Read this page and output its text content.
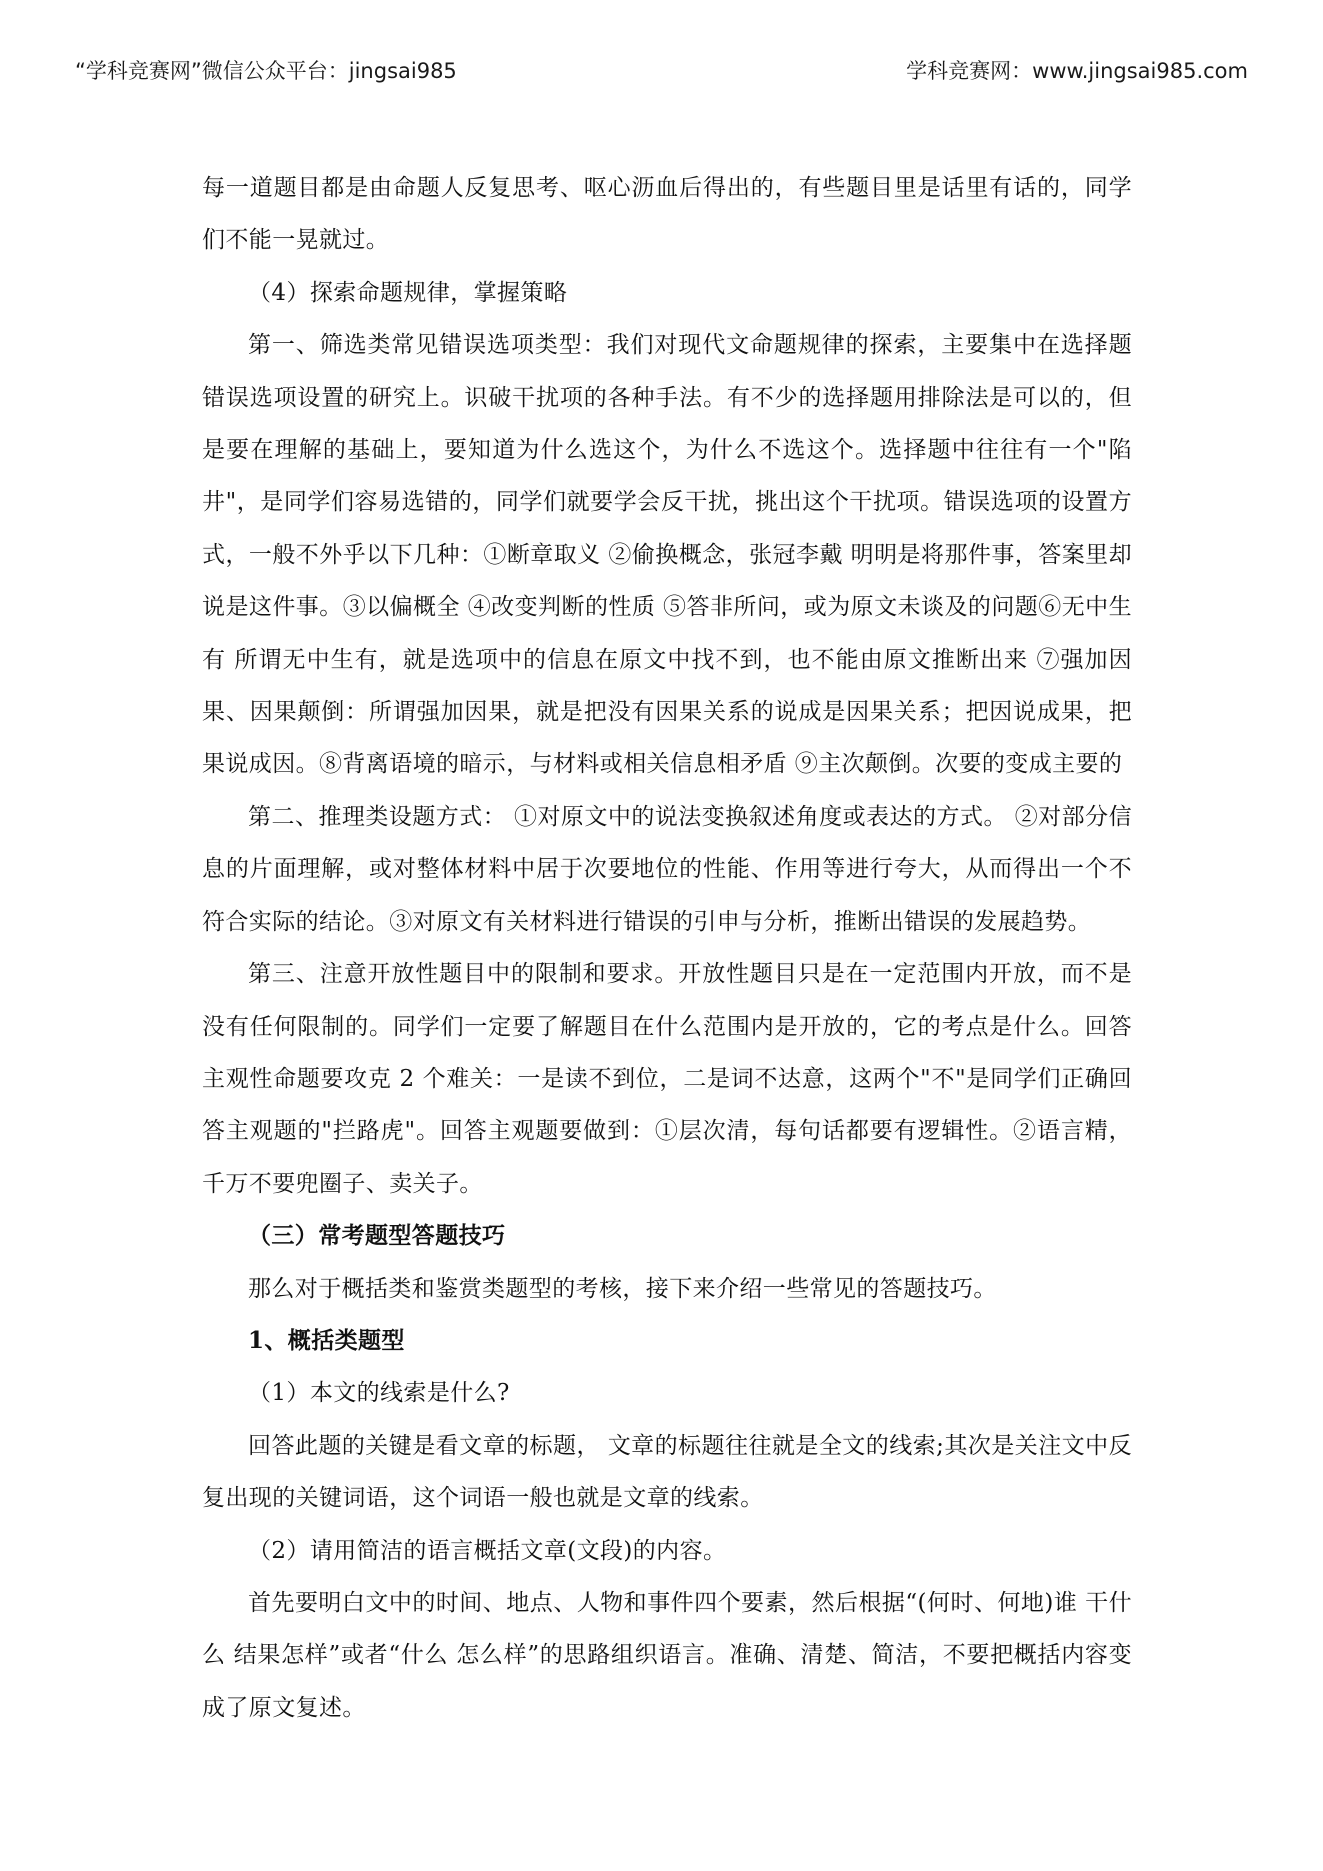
“学科竞赛网”微信公众平台：jingsai985	学科竞赛网：www.jingsai985.com

每一道题目都是由命题人反复思考、呕心沥血后得出的，有些题目里是话里有话的，同学们不能一晃就过。

（4）探索命题规律，掌握策略

第一、筛选类常见错误选项类型：我们对现代文命题规律的探索，主要集中在选择题错误选项设置的研究上。识破干扰项的各种手法。有不少的选择题用排除法是可以的，但是要在理解的基础上，要知道为什么选这个，为什么不选这个。选择题中往往有一个"陷井"，是同学们容易选错的，同学们就要学会反干扰，挑出这个干扰项。错误选项的设置方式，一般不外乎以下几种：①断章取义 ②偷换概念，张冠李戴 明明是将那件事，答案里却说是这件事。③以偏概全 ④改变判断的性质 ⑤答非所问，或为原文未谈及的问题⑥无中生有 所谓无中生有，就是选项中的信息在原文中找不到，也不能由原文推断出来 ⑦强加因果、因果颠倒：所谓强加因果，就是把没有因果关系的说成是因果关系；把因说成果，把果说成因。⑧背离语境的暗示，与材料或相关信息相矛盾 ⑨主次颠倒。次要的变成主要的

第二、推理类设题方式： ①对原文中的说法变换叙述角度或表达的方式。 ②对部分信息的片面理解，或对整体材料中居于次要地位的性能、作用等进行夸大，从而得出一个不符合实际的结论。③对原文有关材料进行错误的引申与分析，推断出错误的发展趋势。

第三、注意开放性题目中的限制和要求。开放性题目只是在一定范围内开放，而不是没有任何限制的。同学们一定要了解题目在什么范围内是开放的，它的考点是什么。回答主观性命题要攻克 2 个难关：一是读不到位，二是词不达意，这两个"不"是同学们正确回答主观题的"拦路虎"。回答主观题要做到：①层次清，每句话都要有逻辑性。②语言精，千万不要兜圈子、卖关子。

（三）常考题型答题技巧

那么对于概括类和鉴赏类题型的考核，接下来介绍一些常见的答题技巧。

1、概括类题型

（1）本文的线索是什么?

回答此题的关键是看文章的标题， 文章的标题往往就是全文的线索;其次是关注文中反复出现的关键词语，这个词语一般也就是文章的线索。

（2）请用简洁的语言概括文章(文段)的内容。

首先要明白文中的时间、地点、人物和事件四个要素，然后根据“(何时、何地)谁 干什么 结果怎样”或者“什么 怎么样”的思路组织语言。准确、清楚、简洁，不要把概括内容变成了原文复述。
